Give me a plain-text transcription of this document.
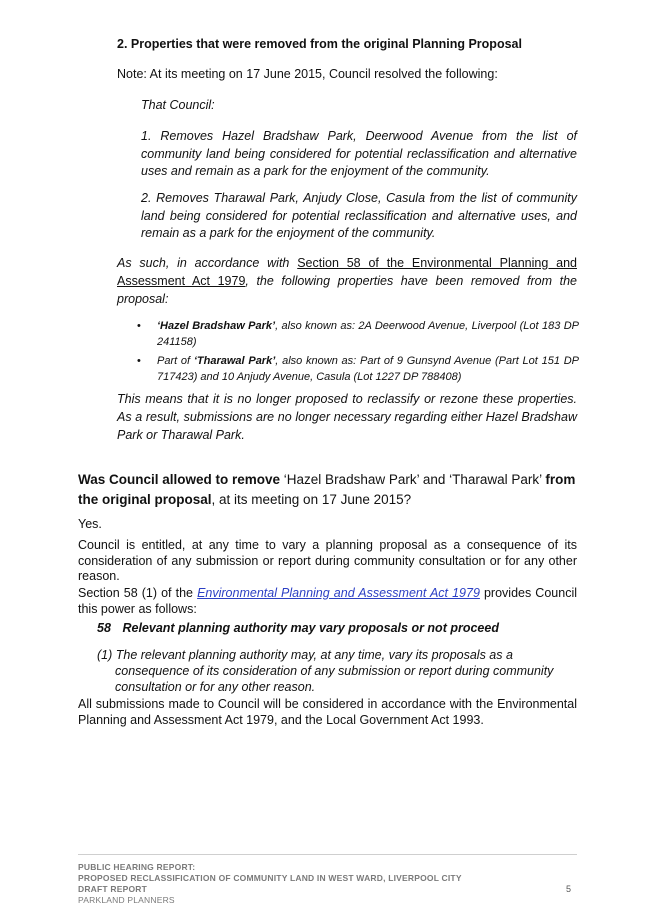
2. Properties that were removed from the original Planning Proposal

Note: At its meeting on 17 June 2015, Council resolved the following:

That Council:

1. Removes Hazel Bradshaw Park, Deerwood Avenue from the list of community land being considered for potential reclassification and alternative uses and remain as a park for the enjoyment of the community.

2. Removes Tharawal Park, Anjudy Close, Casula from the list of community land being considered for potential reclassification and alternative uses, and remain as a park for the enjoyment of the community.

As such, in accordance with Section 58 of the Environmental Planning and Assessment Act 1979, the following properties have been removed from the proposal:

• ‘Hazel Bradshaw Park’, also known as: 2A Deerwood Avenue, Liverpool (Lot 183 DP 241158)
• Part of ‘Tharawal Park’, also known as: Part of 9 Gunsynd Avenue (Part Lot 151 DP 717423) and 10 Anjudy Avenue, Casula (Lot 1227 DP 788408)

This means that it is no longer proposed to reclassify or rezone these properties. As a result, submissions are no longer necessary regarding either Hazel Bradshaw Park or Tharawal Park.

Was Council allowed to remove ‘Hazel Bradshaw Park’ and ‘Tharawal Park’ from the original proposal, at its meeting on 17 June 2015?

Yes.

Council is entitled, at any time to vary a planning proposal as a consequence of its consideration of any submission or report during community consultation or for any other reason.

Section 58 (1) of the Environmental Planning and Assessment Act 1979 provides Council this power as follows:

58 Relevant planning authority may vary proposals or not proceed

(1) The relevant planning authority may, at any time, vary its proposals as a
consequence of its consideration of any submission or report during community
consultation or for any other reason.

All submissions made to Council will be considered in accordance with the Environmental Planning and Assessment Act 1979, and the Local Government Act 1993.

PUBLIC HEARING REPORT:

PROPOSED RECLASSIFICATION OF COMMUNITY LAND IN WEST WARD, LIVERPOOL CITY

DRAFT REPORT

PARKLAND PLANNERS

5
